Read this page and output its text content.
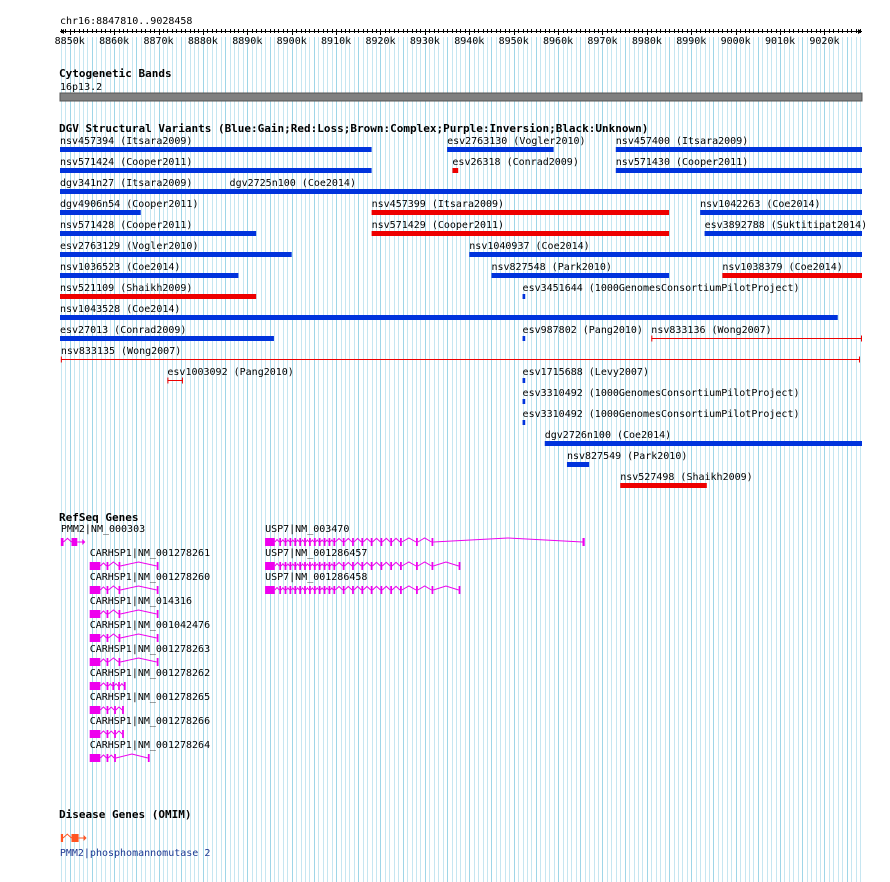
chr16:8847810..9028458
8850k 8860k 8870k 8880k 8890k 8900k 8910k 8920k 8930k 8940k 8950k 8960k 8970k 8980k 8990k 9000k 9010k 9020k
Cytogenetic Bands
16p13.2
DGV Structural Variants (Blue:Gain;Red:Loss;Brown:Complex;Purple:Inversion;Black:Unknown)
nsv457394 (Itsara2009)	esv2763130 (Vogler2010)	nsv457400 (Itsara2009)
nsv571424 (Cooper2011)	esv26318 (Conrad2009)	nsv571430 (Cooper2011)
dgv341n27 (Itsara2009)	dgv2725n100 (Coe2014)
dgv4906n54 (Cooper2011)	nsv457399 (Itsara2009)	nsv1042263 (Coe2014)
nsv571428 (Cooper2011)	nsv571429 (Cooper2011)	esv3892788 (Suktitipat2014)
esv2763129 (Vogler2010)	nsv1040937 (Coe2014)
nsv1036523 (Coe2014)	nsv827548 (Park2010)	nsv1038379 (Coe2014)
nsv521109 (Shaikh2009)	esv3451644 (1000GenomesConsortiumPilotProject)
nsv1043528 (Coe2014)
esv27013 (Conrad2009)	esv987802 (Pang2010) nsv833136 (Wong2007)
nsv833135 (Wong2007)
esv1003092 (Pang2010)	esv1715688 (Levy2007)
esv3310492 (1000GenomesConsortiumPilotProject)
esv3310492 (1000GenomesConsortiumPilotProject)
dgv2726n100 (Coe2014)
nsv827549 (Park2010)
nsv527498 (Shaikh2009)
RefSeq Genes
PMM2|NM_000303	USP7|NM_003470
CARHSP1|NM_001278261	USP7|NM_001286457
CARHSP1|NM_001278260	USP7|NM_001286458
CARHSP1|NM_014316
CARHSP1|NM_001042476
CARHSP1|NM_001278263
CARHSP1|NM_001278262
CARHSP1|NM_001278265
CARHSP1|NM_001278266
CARHSP1|NM_001278264
Disease Genes (OMIM)
PMM2|phosphomannomutase 2
